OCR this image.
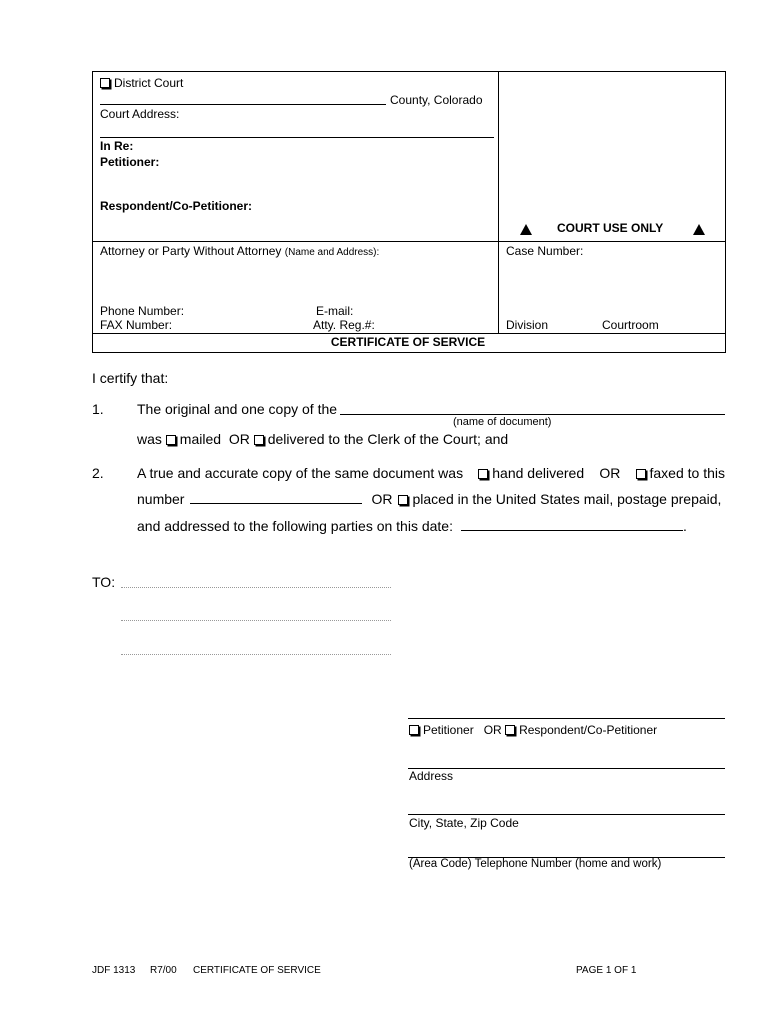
District Court
County, Colorado
Court Address:
In Re:
Petitioner:
Respondent/Co-Petitioner:
COURT USE ONLY
Attorney or Party Without Attorney (Name and Address):	Case Number:
Phone Number:	E-mail:
FAX Number:	Atty. Reg.#:	Division	Courtroom
CERTIFICATE OF SERVICE
I certify that:
1. The original and one copy of the
(name of document)
was mailed OR delivered to the Clerk of the Court; and
2. A true and accurate copy of the same document was	hand delivered OR	faxed to this
number	OR	placed in the United States mail, postage prepaid,
and addressed to the following parties on this date:	.
TO:
Petitioner OR Respondent/Co-Petitioner
Address
City, State, Zip Code
(Area Code) Telephone Number (home and work)
JDF 1313 R7/00 CERTIFICATE OF SERVICE	PAGE 1 OF 1
